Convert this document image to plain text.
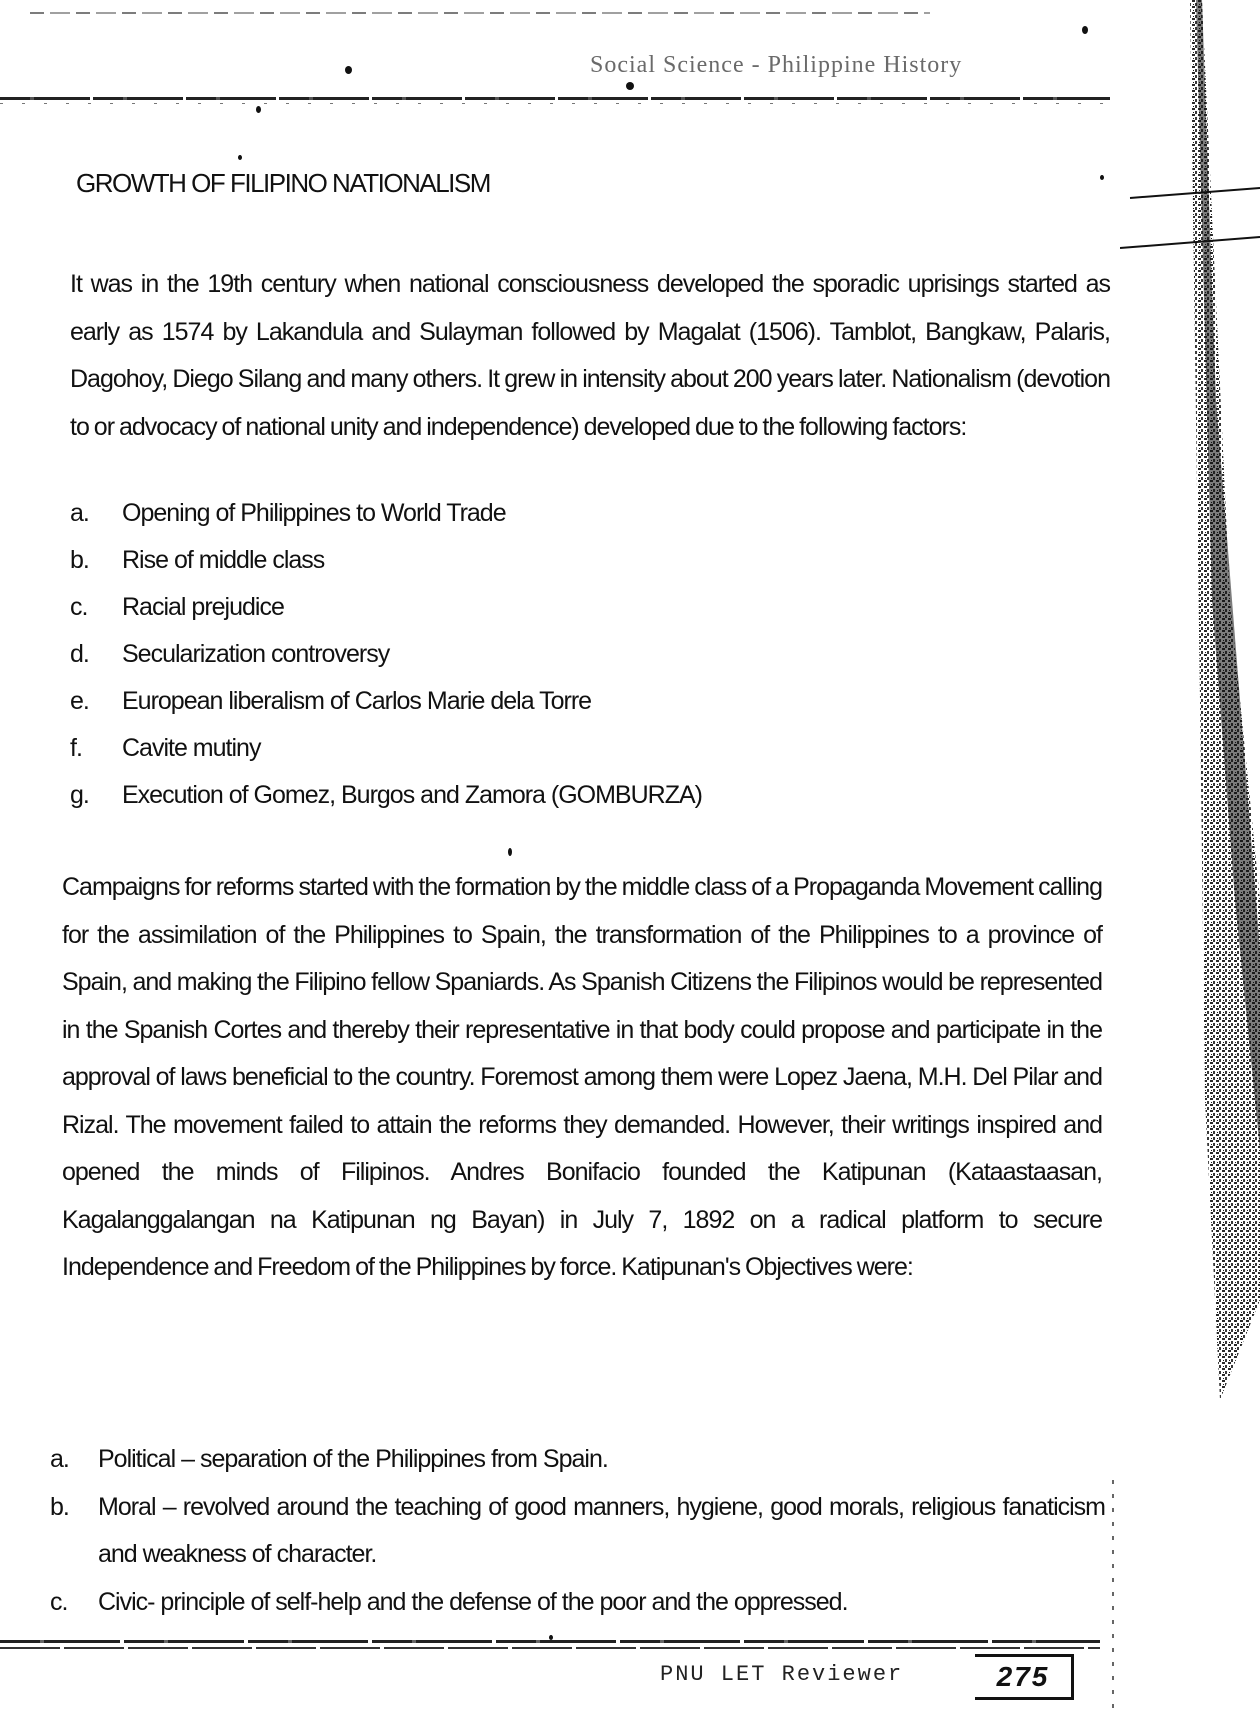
Social Science - Philippine History
GROWTH OF FILIPINO NATIONALISM

It was in the 19th century when national consciousness developed the sporadic uprisings started as early as 1574 by Lakandula and Sulayman followed by Magalat (1506). Tamblot, Bangkaw, Palaris, Dagohoy, Diego Silang and many others. It grew in intensity about 200 years later. Nationalism (devotion to or advocacy of national unity and independence) developed due to the following factors:

a.	Opening of Philippines to World Trade
b.	Rise of middle class
c.	Racial prejudice
d.	Secularization controversy
e.	European liberalism of Carlos Marie dela Torre
f.	Cavite mutiny
g.	Execution of Gomez, Burgos and Zamora (GOMBURZA)

Campaigns for reforms started with the formation by the middle class of a Propaganda Movement calling for the assimilation of the Philippines to Spain, the transformation of the Philippines to a province of Spain, and making the Filipino fellow Spaniards. As Spanish Citizens the Filipinos would be represented in the Spanish Cortes and thereby their representative in that body could propose and participate in the approval of laws beneficial to the country. Foremost among them were Lopez Jaena, M.H. Del Pilar and Rizal. The movement failed to attain the reforms they demanded. However, their writings inspired and opened the minds of Filipinos. Andres Bonifacio founded the Katipunan (Kataastaasan, Kagalanggalangan na Katipunan ng Bayan) in July 7, 1892 on a radical platform to secure Independence and Freedom of the Philippines by force. Katipunan's Objectives were:

a.	Political – separation of the Philippines from Spain.
b.	Moral – revolved around the teaching of good manners, hygiene, good morals, religious fanaticism and weakness of character.
c.	Civic- principle of self-help and the defense of the poor and the oppressed.
PNU LET Reviewer	275
